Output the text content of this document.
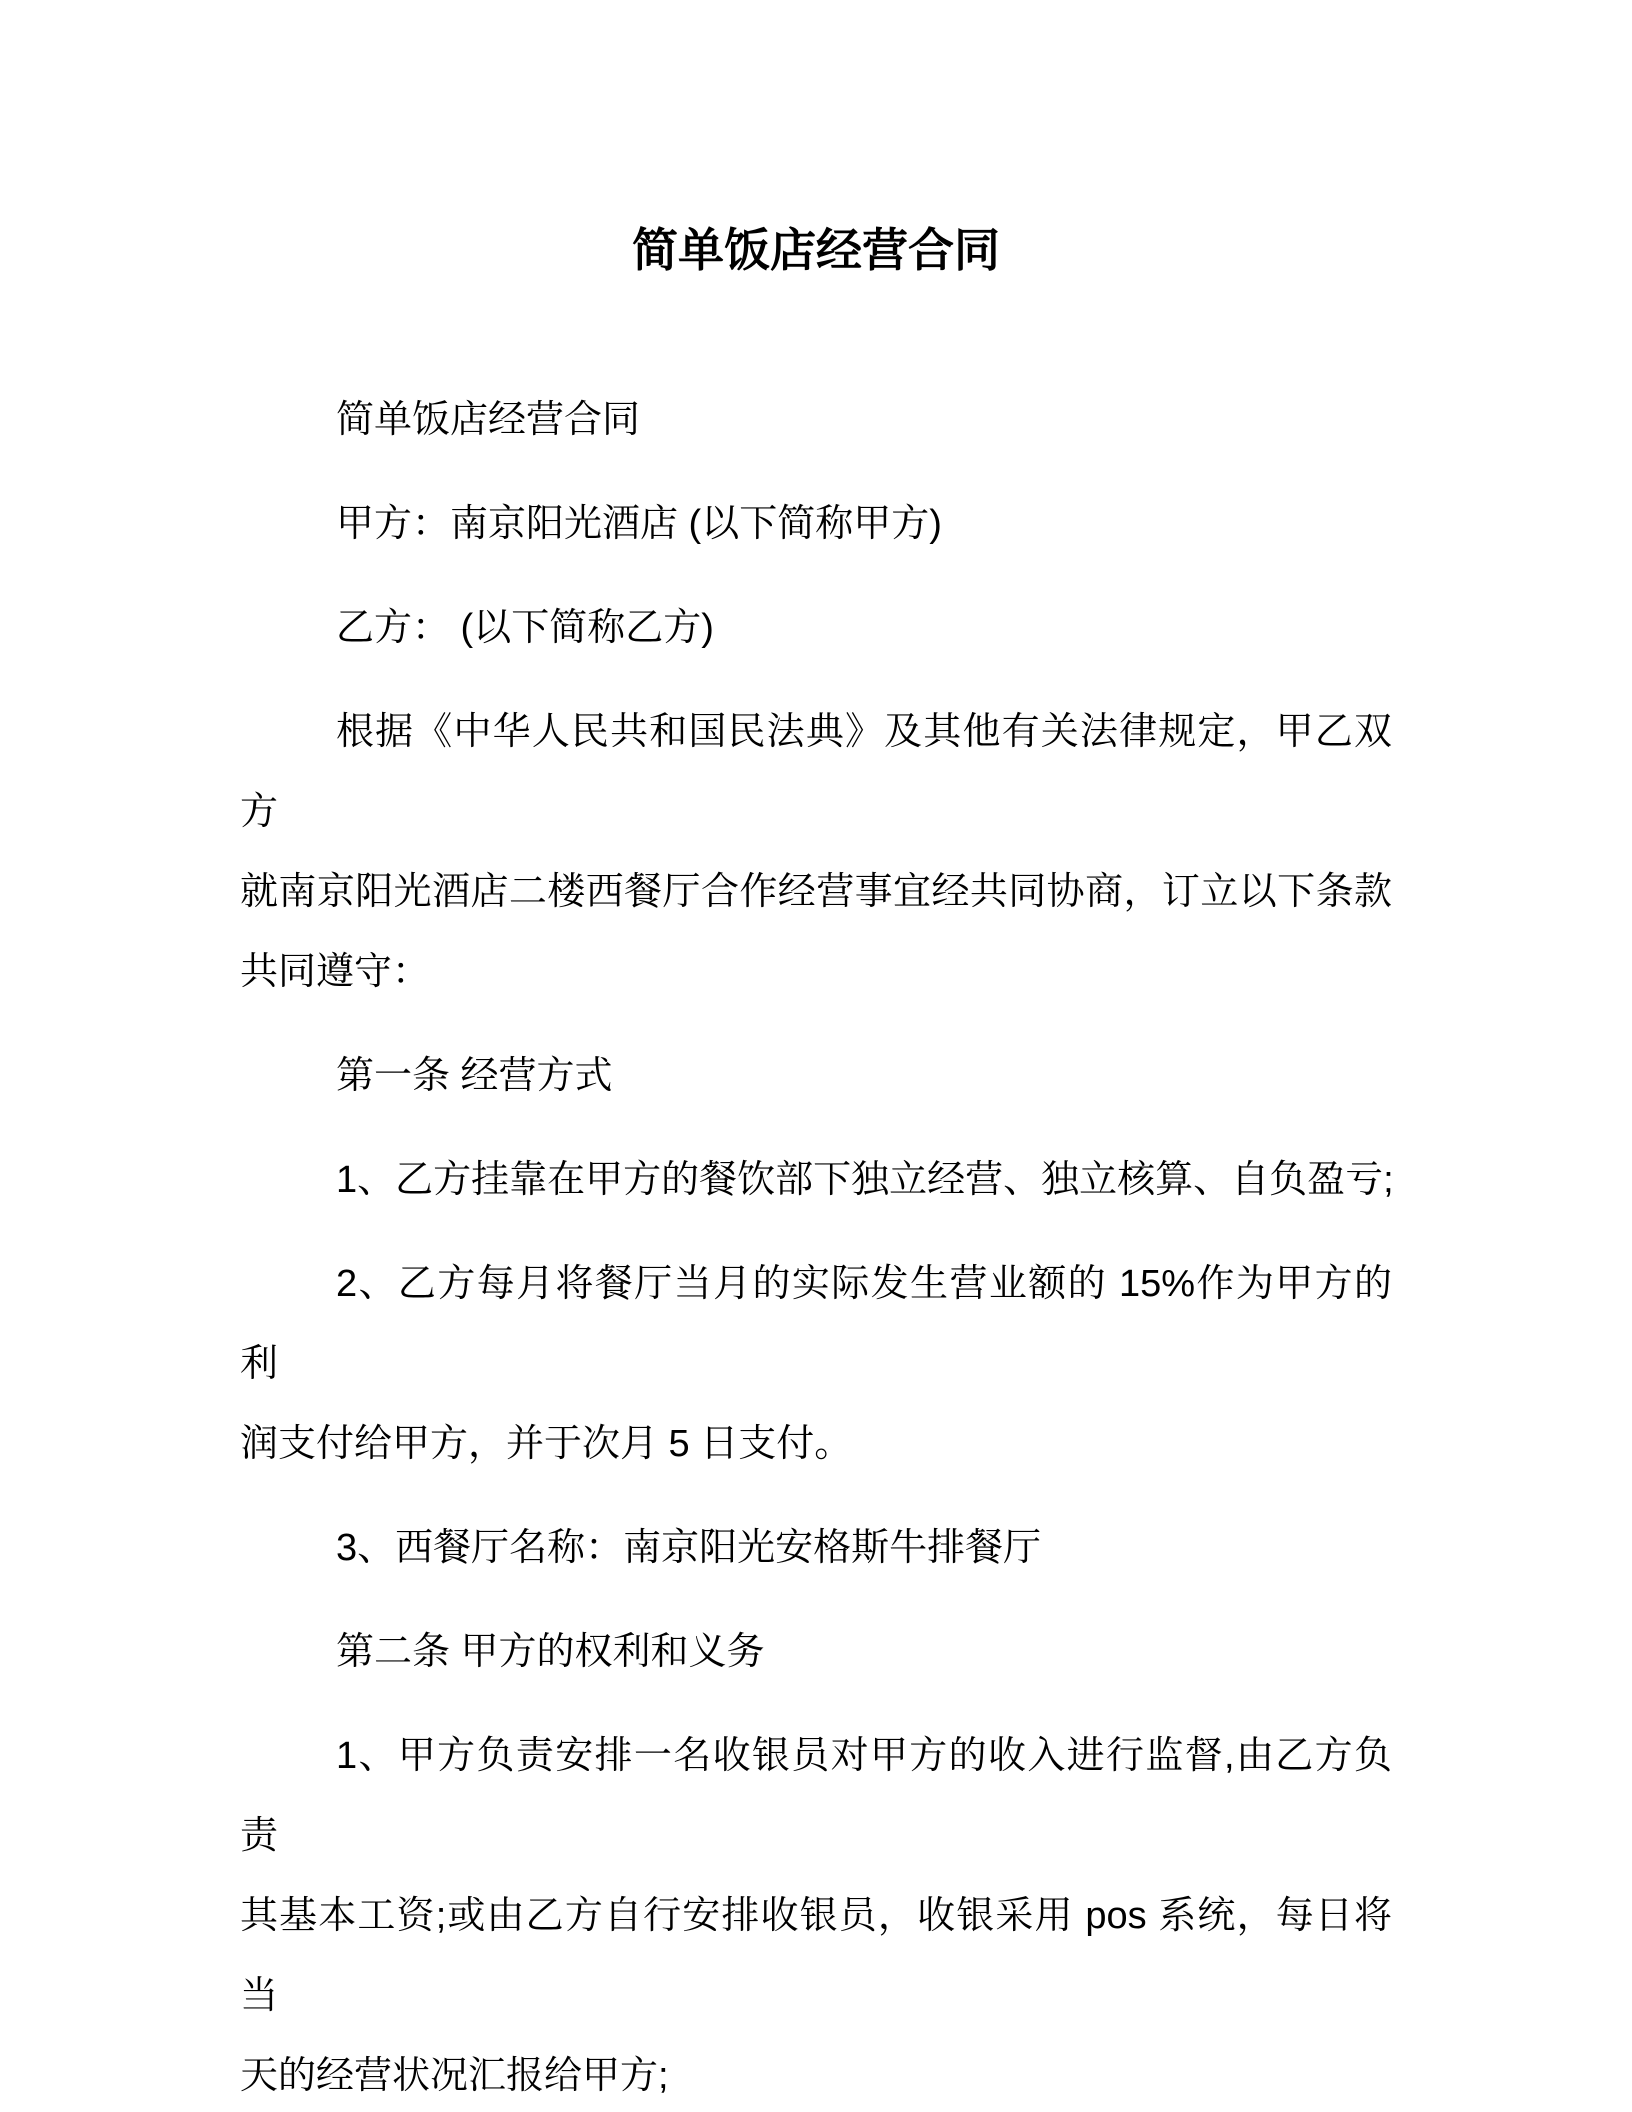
简单饭店经营合同
简单饭店经营合同
甲方：南京阳光酒店 (以下简称甲方)
乙方： (以下简称乙方)
根据《中华人民共和国民法典》及其他有关法律规定，甲乙双方
就南京阳光酒店二楼西餐厅合作经营事宜经共同协商，订立以下条款
共同遵守：
第一条 经营方式
1、乙方挂靠在甲方的餐饮部下独立经营、独立核算、自负盈亏;
2、乙方每月将餐厅当月的实际发生营业额的 15%作为甲方的利
润支付给甲方，并于次月 5 日支付。
3、西餐厅名称：南京阳光安格斯牛排餐厅
第二条 甲方的权利和义务
1、甲方负责安排一名收银员对甲方的收入进行监督,由乙方负责
其基本工资;或由乙方自行安排收银员，收银采用 pos 系统，每日将当
天的经营状况汇报给甲方;
